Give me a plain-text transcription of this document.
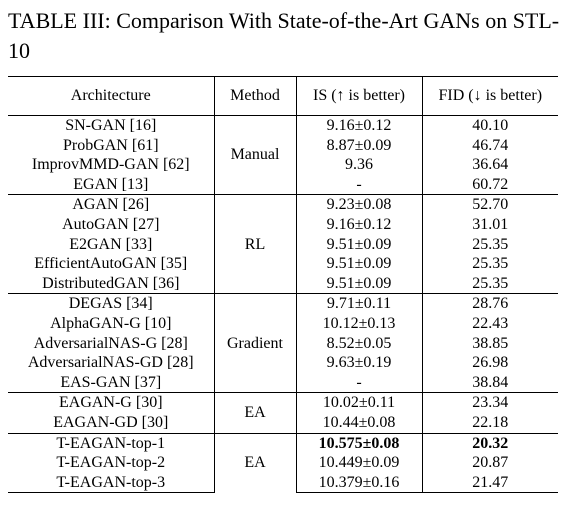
TABLE III: Comparison With State-of-the-Art GANs on STL-10
Architecture	Method	IS (↑ is better)	FID (↓ is better)
SN-GAN [16]	Manual	9.16±0.12	40.10
ProbGAN [61]		8.87±0.09	46.74
ImprovMMD-GAN [62]		9.36	36.64
EGAN [13]		-	60.72
AGAN [26]	RL	9.23±0.08	52.70
AutoGAN [27]		9.16±0.12	31.01
E2GAN [33]		9.51±0.09	25.35
EfficientAutoGAN [35]		9.51±0.09	25.35
DistributedGAN [36]		9.51±0.09	25.35
DEGAS [34]	Gradient	9.71±0.11	28.76
AlphaGAN-G [10]		10.12±0.13	22.43
AdversarialNAS-G [28]		8.52±0.05	38.85
AdversarialNAS-GD [28]		9.63±0.19	26.98
EAS-GAN [37]		-	38.84
EAGAN-G [30]	EA	10.02±0.11	23.34
EAGAN-GD [30]		10.44±0.08	22.18
T-EAGAN-top-1	EA	10.575±0.08	20.32
T-EAGAN-top-2		10.449±0.09	20.87
T-EAGAN-top-3		10.379±0.16	21.47
